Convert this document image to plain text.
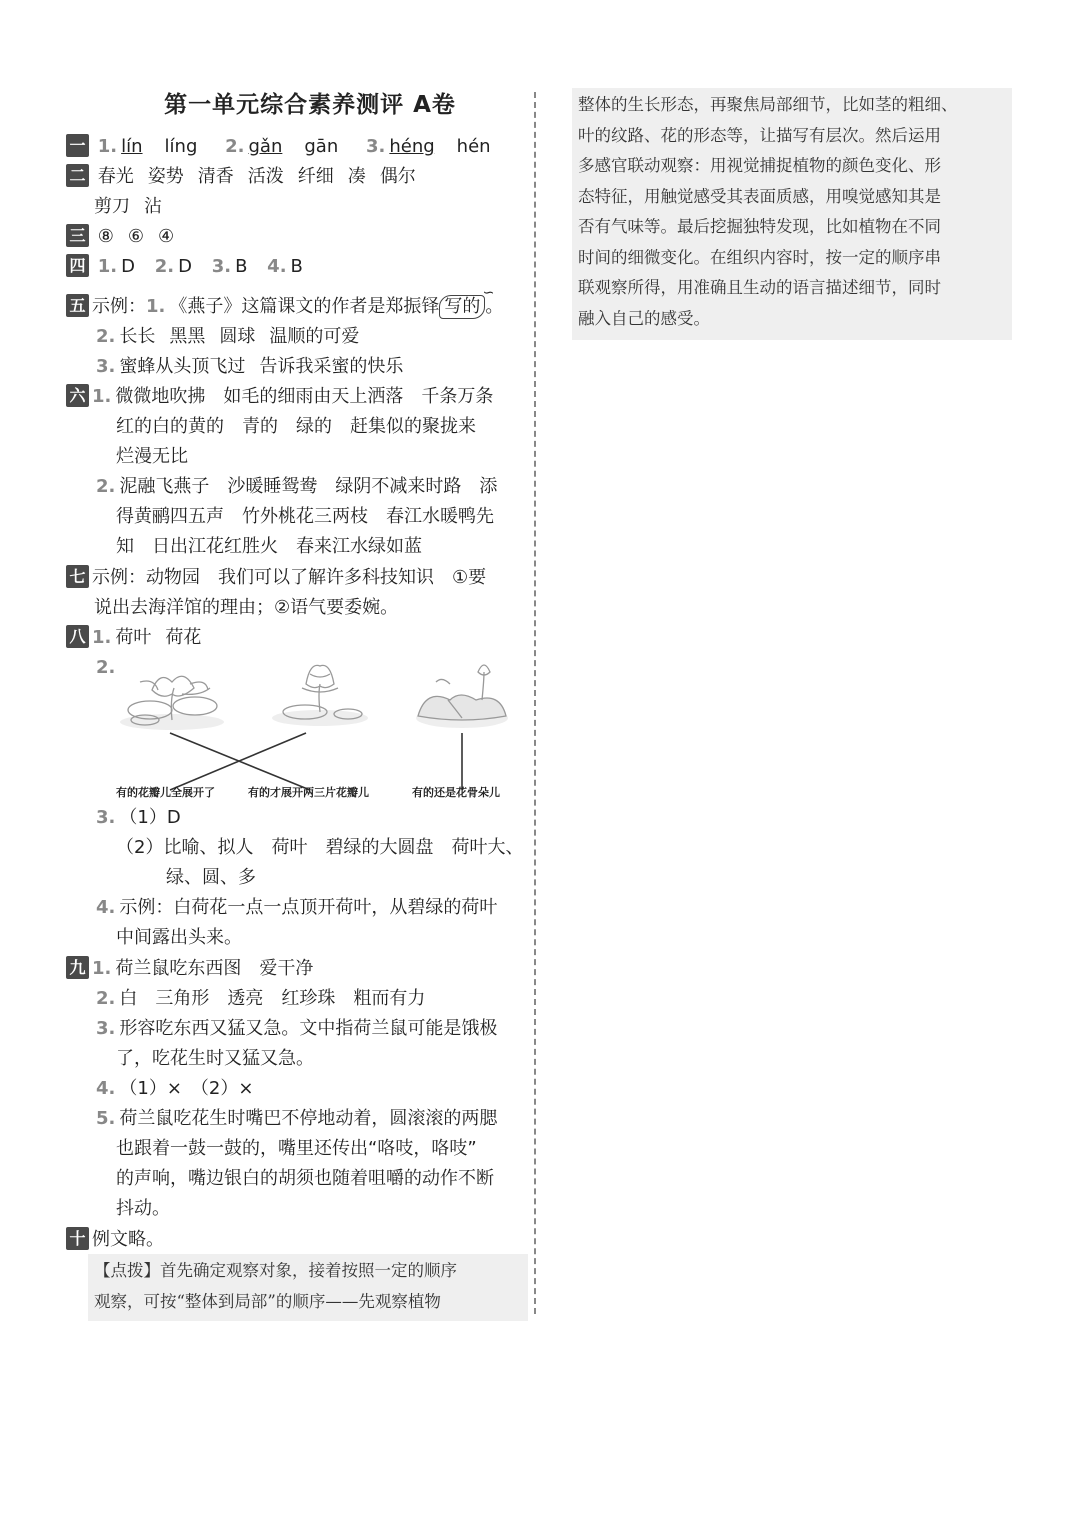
第一单元综合素养测评 A卷
一 1. lín líng 2. gǎn gān 3. héng hén
二 春光 姿势 清香 活泼 纤细 凑 偶尔
剪刀 沾
三 ⑧ ⑥ ④
四 1. D 2. D 3. B 4. B
五 示例：1. 《燕子》这篇课文的作者是郑振铎 写的
∽
。
2. 长长 黑黑 圆球 温顺的可爱
3. 蜜蜂从头顶飞过 告诉我采蜜的快乐
六 1. 微微地吹拂　如毛的细雨由天上洒落　千条万条
红的白的黄的　青的　绿的　赶集似的聚拢来
烂漫无比
2. 泥融飞燕子　沙暖睡鸳鸯　绿阴不减来时路　添
得黄鹂四五声　竹外桃花三两枝　春江水暖鸭先
知　日出江花红胜火　春来江水绿如蓝
七 示例：动物园　我们可以了解许多科技知识　①要
说出去海洋馆的理由；②语气要委婉。
八 1. 荷叶 荷花
2.
有的花瓣儿全展开了	有的才展开两三片花瓣儿	有的还是花骨朵儿
3. （1）D
（2）比喻、拟人　荷叶　碧绿的大圆盘　荷叶大、
绿、圆、多
4. 示例：白荷花一点一点顶开荷叶，从碧绿的荷叶
中间露出头来。
九 1. 荷兰鼠吃东西图　爱干净
2. 白　三角形　透亮　红珍珠　粗而有力
3. 形容吃东西又猛又急。文中指荷兰鼠可能是饿极
了，吃花生时又猛又急。
4. （1）×　（2）×
5. 荷兰鼠吃花生时嘴巴不停地动着，圆滚滚的两腮
也跟着一鼓一鼓的，嘴里还传出“咯吱，咯吱”
的声响，嘴边银白的胡须也随着咀嚼的动作不断
抖动。
十 例文略。

【点拨】首先确定观察对象，接着按照一定的顺序

观察，可按“整体到局部”的顺序——先观察植物

整体的生长形态，再聚焦局部细节，比如茎的粗细、

叶的纹路、花的形态等，让描写有层次。然后运用

多感官联动观察：用视觉捕捉植物的颜色变化、形

态特征，用触觉感受其表面质感，用嗅觉感知其是

否有气味等。最后挖掘独特发现，比如植物在不同

时间的细微变化。在组织内容时，按一定的顺序串

联观察所得，用准确且生动的语言描述细节，同时

融入自己的感受。
